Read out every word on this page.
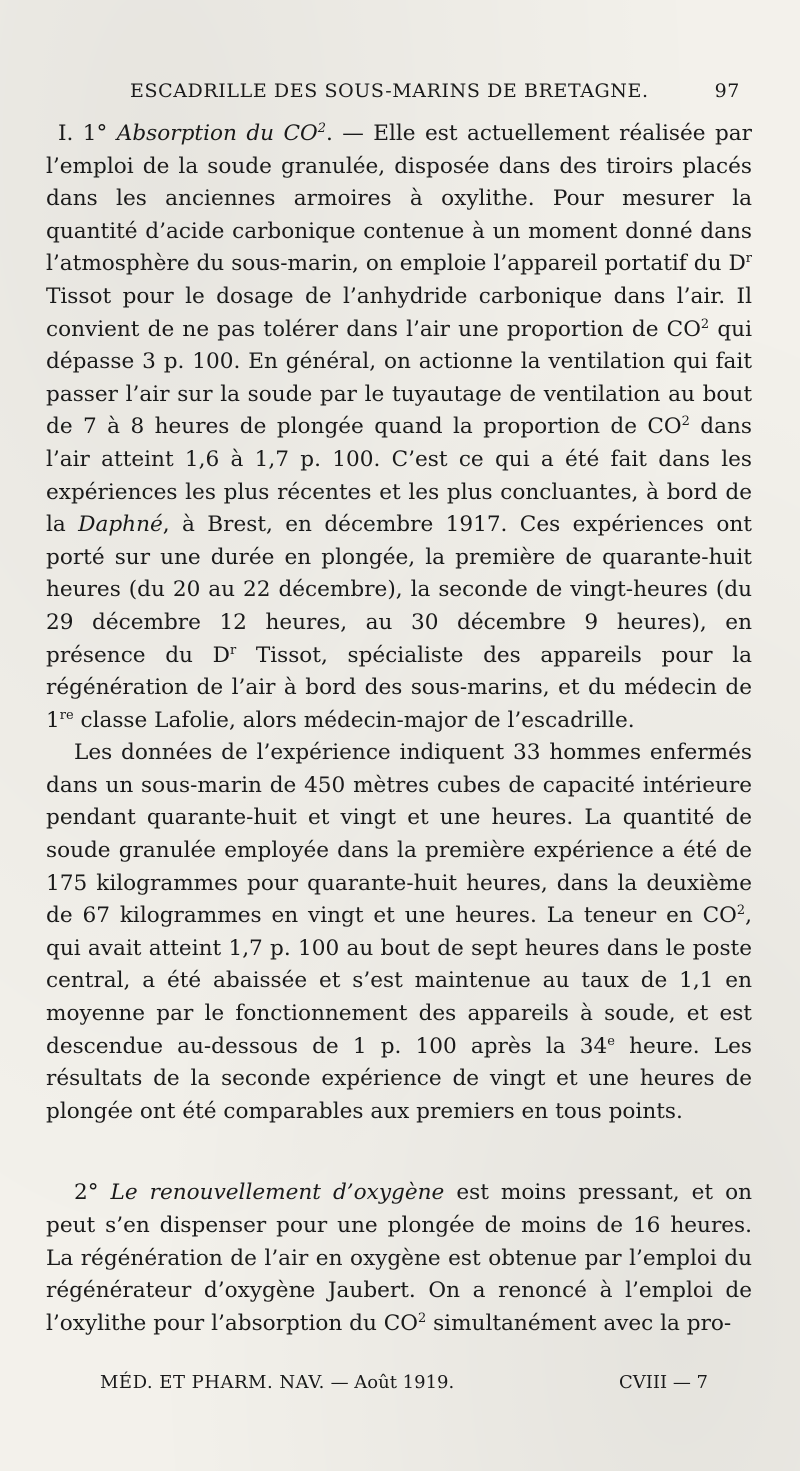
ESCADRILLE DES SOUS-MARINS DE BRETAGNE.	97

I. 1° Absorption du $CO^2$. — Elle est actuellement réalisée par l’emploi de la soude granulée, disposée dans des tiroirs placés dans les anciennes armoires à oxylithe. Pour mesurer la quantité d’acide carbonique contenue à un moment donné dans l’atmosphère du sous-marin, on emploie l’appareil portatif du $D^r$ Tissot pour le dosage de l’anhydride carbonique dans l’air. Il convient de ne pas tolérer dans l’air une proportion de $CO^2$ qui dépasse 3 p. 100. En général, on actionne la ventilation qui fait passer l’air sur la soude par le tuyautage de ventilation au bout de 7 à 8 heures de plongée quand la proportion de $CO^2$ dans l’air atteint 1,6 à 1,7 p. 100. C’est ce qui a été fait dans les expériences les plus récentes et les plus concluantes, à bord de la Daphné, à Brest, en décembre 1917. Ces expériences ont porté sur une durée en plongée, la première de quarante-huit heures (du 20 au 22 décembre), la seconde de vingt-heures (du 29 décembre 12 heures, au 30 décembre 9 heures), en présence du $D^r$ Tissot, spécialiste des appareils pour la régénération de l’air à bord des sous-marins, et du médecin de 1re classe Lafolie, alors médecin-major de l’escadrille.

Les données de l’expérience indiquent 33 hommes enfermés dans un sous-marin de 450 mètres cubes de capacité intérieure pendant quarante-huit et vingt et une heures. La quantité de soude granulée employée dans la première expérience a été de 175 kilogrammes pour quarante-huit heures, dans la deuxième de 67 kilogrammes en vingt et une heures. La teneur en $CO^2$, qui avait atteint 1,7 p. 100 au bout de sept heures dans le poste central, a été abaissée et s’est maintenue au taux de 1,1 en moyenne par le fonctionnement des appareils à soude, et est descendue au-dessous de 1 p. 100 après la 34e heure. Les résultats de la seconde expérience de vingt et une heures de plongée ont été comparables aux premiers en tous points.

2° Le renouvellement d’oxygène est moins pressant, et on peut s’en dispenser pour une plongée de moins de 16 heures. La régénération de l’air en oxygène est obtenue par l’emploi du régénérateur d’oxygène Jaubert. On a renoncé à l’emploi de l’oxylithe pour l’absorption du $CO^2$ simultanément avec la pro-

MÉD. ET PHARM. NAV. — Août 1919.	CVIII — 7
